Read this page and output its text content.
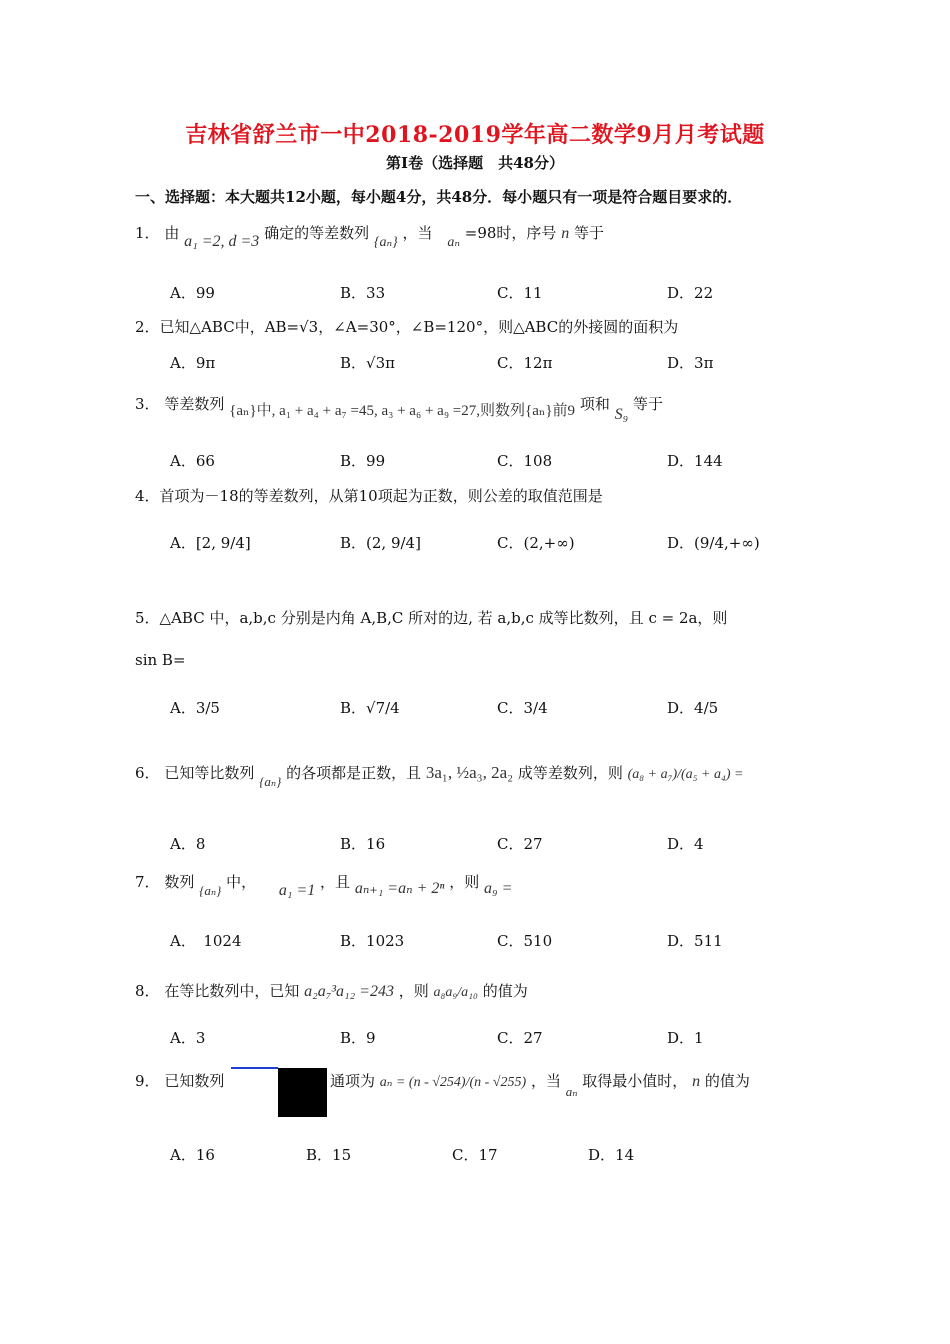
吉林省舒兰市一中2018-2019学年高二数学9月月考试题
第Ⅰ卷（选择题　共48分）
一、选择题：本大题共12小题，每小题4分，共48分．每小题只有一项是符合题目要求的．
1． 由 a₁ =2, d =3 确定的等差数列 {aₙ} ，当 aₙ =98时，序号 n 等于
A．99	B．33	C．11	D．22
2．已知△ABC中，AB=√3，∠A=30°，∠B=120°，则△ABC的外接圆的面积为
A．9π	B．√3π	C．12π	D．3π
3． 等差数列 {aₙ}中, a₁ + a₄ + a₇ =45, a₃ + a₆ + a₉ =27,则数列{aₙ}前9 项和 S₉ 等于
A．66	B．99	C．108	D．144
4．首项为－18的等差数列，从第10项起为正数，则公差的取值范围是
A．[2, 9/4]	B．(2, 9/4]	C．(2,+∞)	D．(9/4,+∞)
5．△ABC 中，a,b,c 分别是内角 A,B,C 所对的边, 若 a,b,c 成等比数列，且 c = 2a，则
sin B=
A．3/5	B．√7/4	C．3/4	D．4/5
6． 已知等比数列 {aₙ} 的各项都是正数，且 3a₁, ½a₃, 2a₂ 成等差数列，则 (a₈ + a₇)/(a₅ + a₄) =
A．8	B．16	C．27	D．4
7． 数列 {aₙ} 中， a₁ =1 ，且 aₙ₊₁ =aₙ + 2ⁿ ，则 a₉ =
A．　1024	B．1023	C．510	D．511
8． 在等比数列中，已知 a₂a₇³a₁₂ =243 ，则 a₈a₉/a₁₀ 的值为
A．3	B．9	C．27	D．1
9． 已知数列	通项为 aₙ = (n - √254)/(n - √255) ，当 aₙ 取得最小值时， n 的值为
A．16	B．15	C．17	D．14
